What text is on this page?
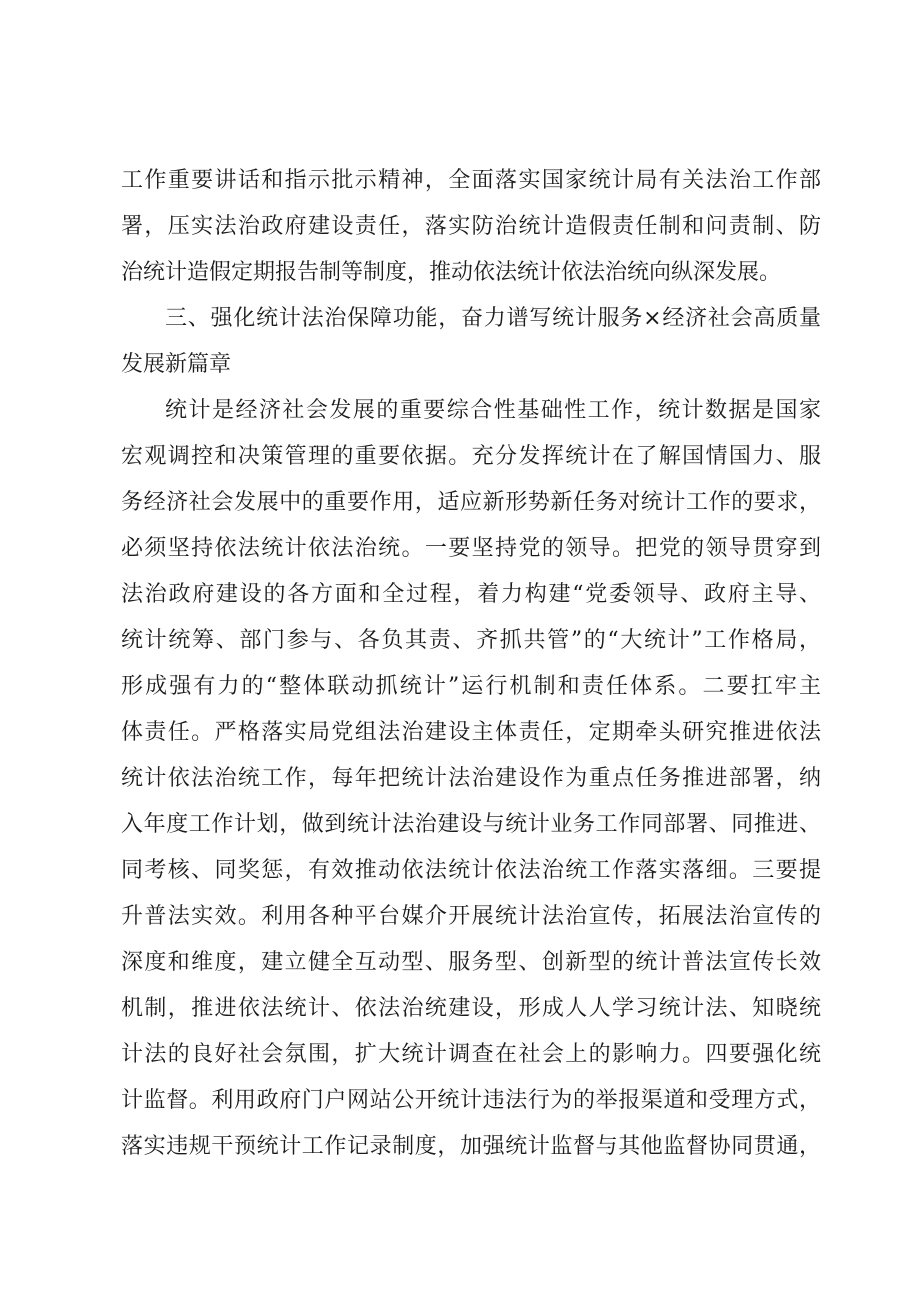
工作重要讲话和指示批示精神，全面落实国家统计局有关法治工作部
署，压实法治政府建设责任，落实防治统计造假责任制和问责制、防
治统计造假定期报告制等制度，推动依法统计依法治统向纵深发展。
三、强化统计法治保障功能，奋力谱写统计服务×经济社会高质量
发展新篇章
统计是经济社会发展的重要综合性基础性工作，统计数据是国家
宏观调控和决策管理的重要依据。充分发挥统计在了解国情国力、服
务经济社会发展中的重要作用，适应新形势新任务对统计工作的要求，
必须坚持依法统计依法治统。一要坚持党的领导。把党的领导贯穿到
法治政府建设的各方面和全过程，着力构建“党委领导、政府主导、
统计统筹、部门参与、各负其责、齐抓共管”的“大统计”工作格局，
形成强有力的“整体联动抓统计”运行机制和责任体系。二要扛牢主
体责任。严格落实局党组法治建设主体责任，定期牵头研究推进依法
统计依法治统工作，每年把统计法治建设作为重点任务推进部署，纳
入年度工作计划，做到统计法治建设与统计业务工作同部署、同推进、
同考核、同奖惩，有效推动依法统计依法治统工作落实落细。三要提
升普法实效。利用各种平台媒介开展统计法治宣传，拓展法治宣传的
深度和维度，建立健全互动型、服务型、创新型的统计普法宣传长效
机制，推进依法统计、依法治统建设，形成人人学习统计法、知晓统
计法的良好社会氛围，扩大统计调查在社会上的影响力。四要强化统
计监督。利用政府门户网站公开统计违法行为的举报渠道和受理方式，
落实违规干预统计工作记录制度，加强统计监督与其他监督协同贯通，
